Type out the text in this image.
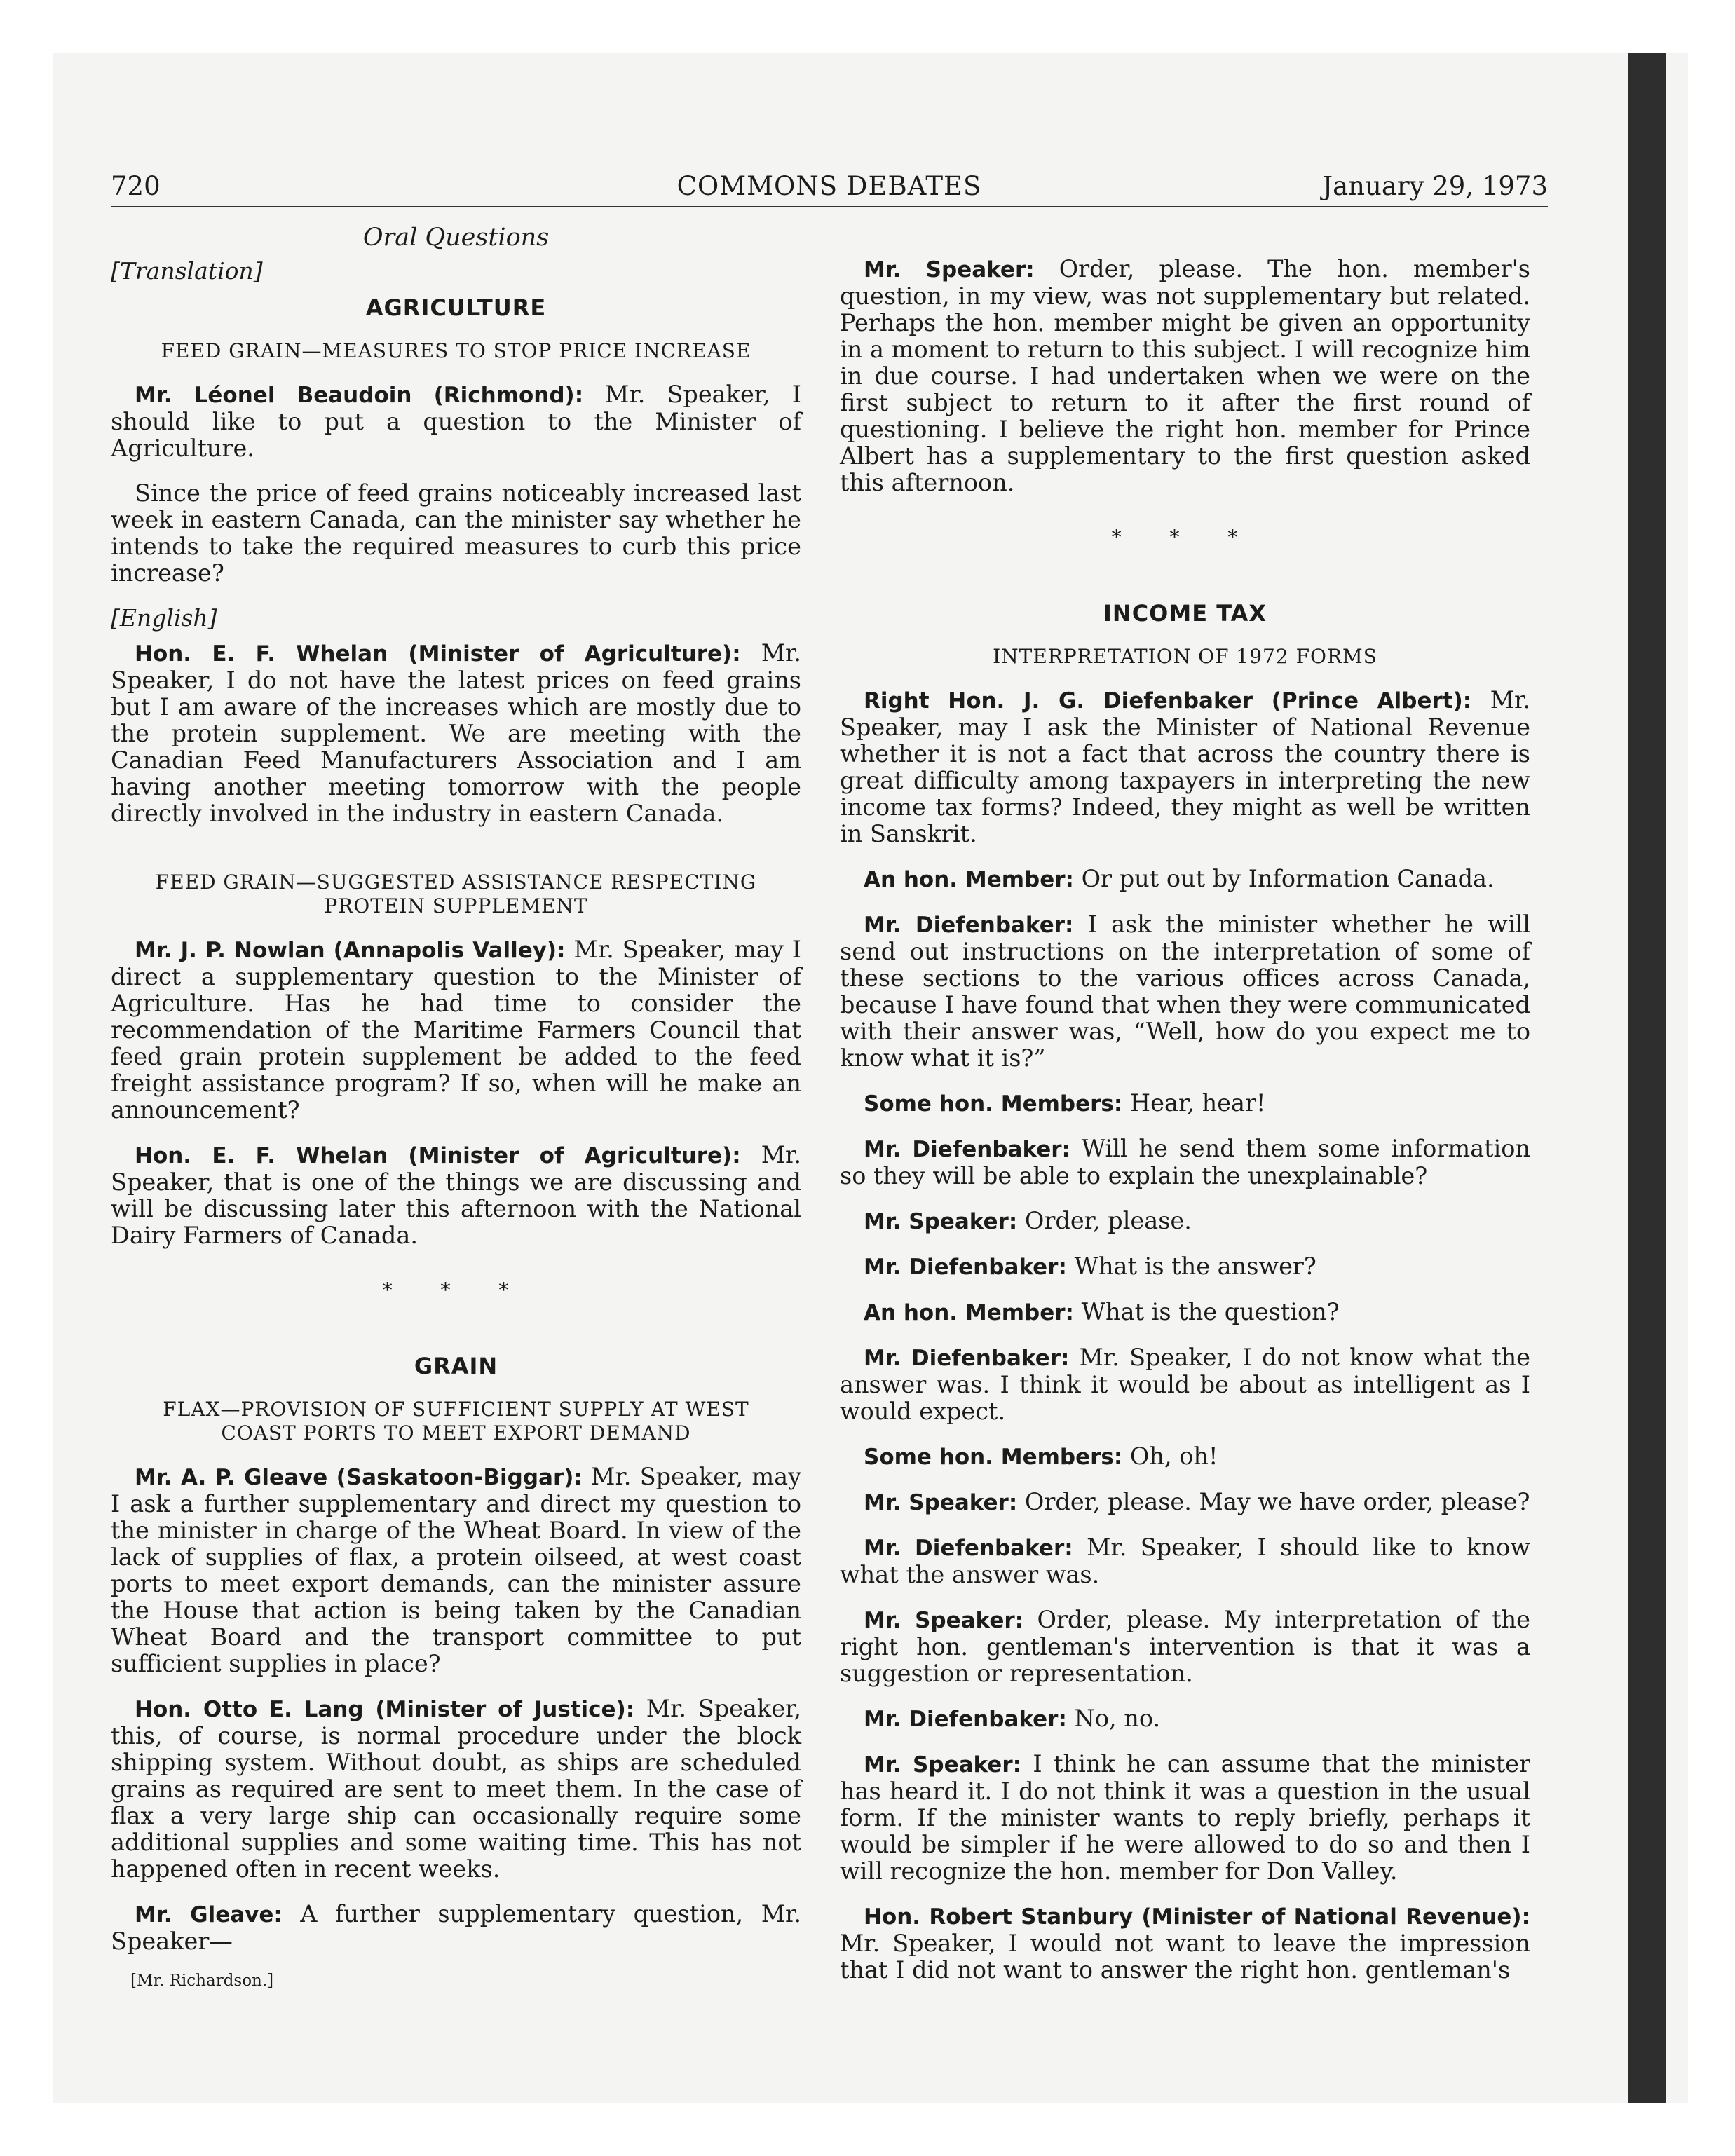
720	COMMONS DEBATES	January 29, 1973
Oral Questions
[Translation]
AGRICULTURE
FEED GRAIN—MEASURES TO STOP PRICE INCREASE

Mr. Léonel Beaudoin (Richmond): Mr. Speaker, I should like to put a question to the Minister of Agriculture.

Since the price of feed grains noticeably increased last week in eastern Canada, can the minister say whether he intends to take the required measures to curb this price increase?

[English]

Hon. E. F. Whelan (Minister of Agriculture): Mr. Speaker, I do not have the latest prices on feed grains but I am aware of the increases which are mostly due to the protein supplement. We are meeting with the Canadian Feed Manufacturers Association and I am having another meeting tomorrow with the people directly involved in the industry in eastern Canada.

FEED GRAIN—SUGGESTED ASSISTANCE RESPECTING
PROTEIN SUPPLEMENT

Mr. J. P. Nowlan (Annapolis Valley): Mr. Speaker, may I direct a supplementary question to the Minister of Agriculture. Has he had time to consider the recommendation of the Maritime Farmers Council that feed grain protein supplement be added to the feed freight assistance program? If so, when will he make an announcement?

Hon. E. F. Whelan (Minister of Agriculture): Mr. Speaker, that is one of the things we are discussing and will be discussing later this afternoon with the National Dairy Farmers of Canada.

* * *
GRAIN
FLAX—PROVISION OF SUFFICIENT SUPPLY AT WEST
COAST PORTS TO MEET EXPORT DEMAND

Mr. A. P. Gleave (Saskatoon-Biggar): Mr. Speaker, may I ask a further supplementary and direct my question to the minister in charge of the Wheat Board. In view of the lack of supplies of flax, a protein oilseed, at west coast ports to meet export demands, can the minister assure the House that action is being taken by the Canadian Wheat Board and the transport committee to put sufficient supplies in place?

Hon. Otto E. Lang (Minister of Justice): Mr. Speaker, this, of course, is normal procedure under the block shipping system. Without doubt, as ships are scheduled grains as required are sent to meet them. In the case of flax a very large ship can occasionally require some additional supplies and some waiting time. This has not happened often in recent weeks.

Mr. Gleave: A further supplementary question, Mr. Speaker—

[Mr. Richardson.]

Mr. Speaker: Order, please. The hon. member's question, in my view, was not supplementary but related. Perhaps the hon. member might be given an opportunity in a moment to return to this subject. I will recognize him in due course. I had undertaken when we were on the first subject to return to it after the first round of questioning. I believe the right hon. member for Prince Albert has a supplementary to the first question asked this afternoon.

* * *
INCOME TAX
INTERPRETATION OF 1972 FORMS

Right Hon. J. G. Diefenbaker (Prince Albert): Mr. Speaker, may I ask the Minister of National Revenue whether it is not a fact that across the country there is great difficulty among taxpayers in interpreting the new income tax forms? Indeed, they might as well be written in Sanskrit.

An hon. Member: Or put out by Information Canada.

Mr. Diefenbaker: I ask the minister whether he will send out instructions on the interpretation of some of these sections to the various offices across Canada, because I have found that when they were communicated with their answer was, “Well, how do you expect me to know what it is?”

Some hon. Members: Hear, hear!

Mr. Diefenbaker: Will he send them some information so they will be able to explain the unexplainable?

Mr. Speaker: Order, please.

Mr. Diefenbaker: What is the answer?

An hon. Member: What is the question?

Mr. Diefenbaker: Mr. Speaker, I do not know what the answer was. I think it would be about as intelligent as I would expect.

Some hon. Members: Oh, oh!

Mr. Speaker: Order, please. May we have order, please?

Mr. Diefenbaker: Mr. Speaker, I should like to know what the answer was.

Mr. Speaker: Order, please. My interpretation of the right hon. gentleman's intervention is that it was a suggestion or representation.

Mr. Diefenbaker: No, no.

Mr. Speaker: I think he can assume that the minister has heard it. I do not think it was a question in the usual form. If the minister wants to reply briefly, perhaps it would be simpler if he were allowed to do so and then I will recognize the hon. member for Don Valley.

Hon. Robert Stanbury (Minister of National Revenue): Mr. Speaker, I would not want to leave the impression that I did not want to answer the right hon. gentleman's
